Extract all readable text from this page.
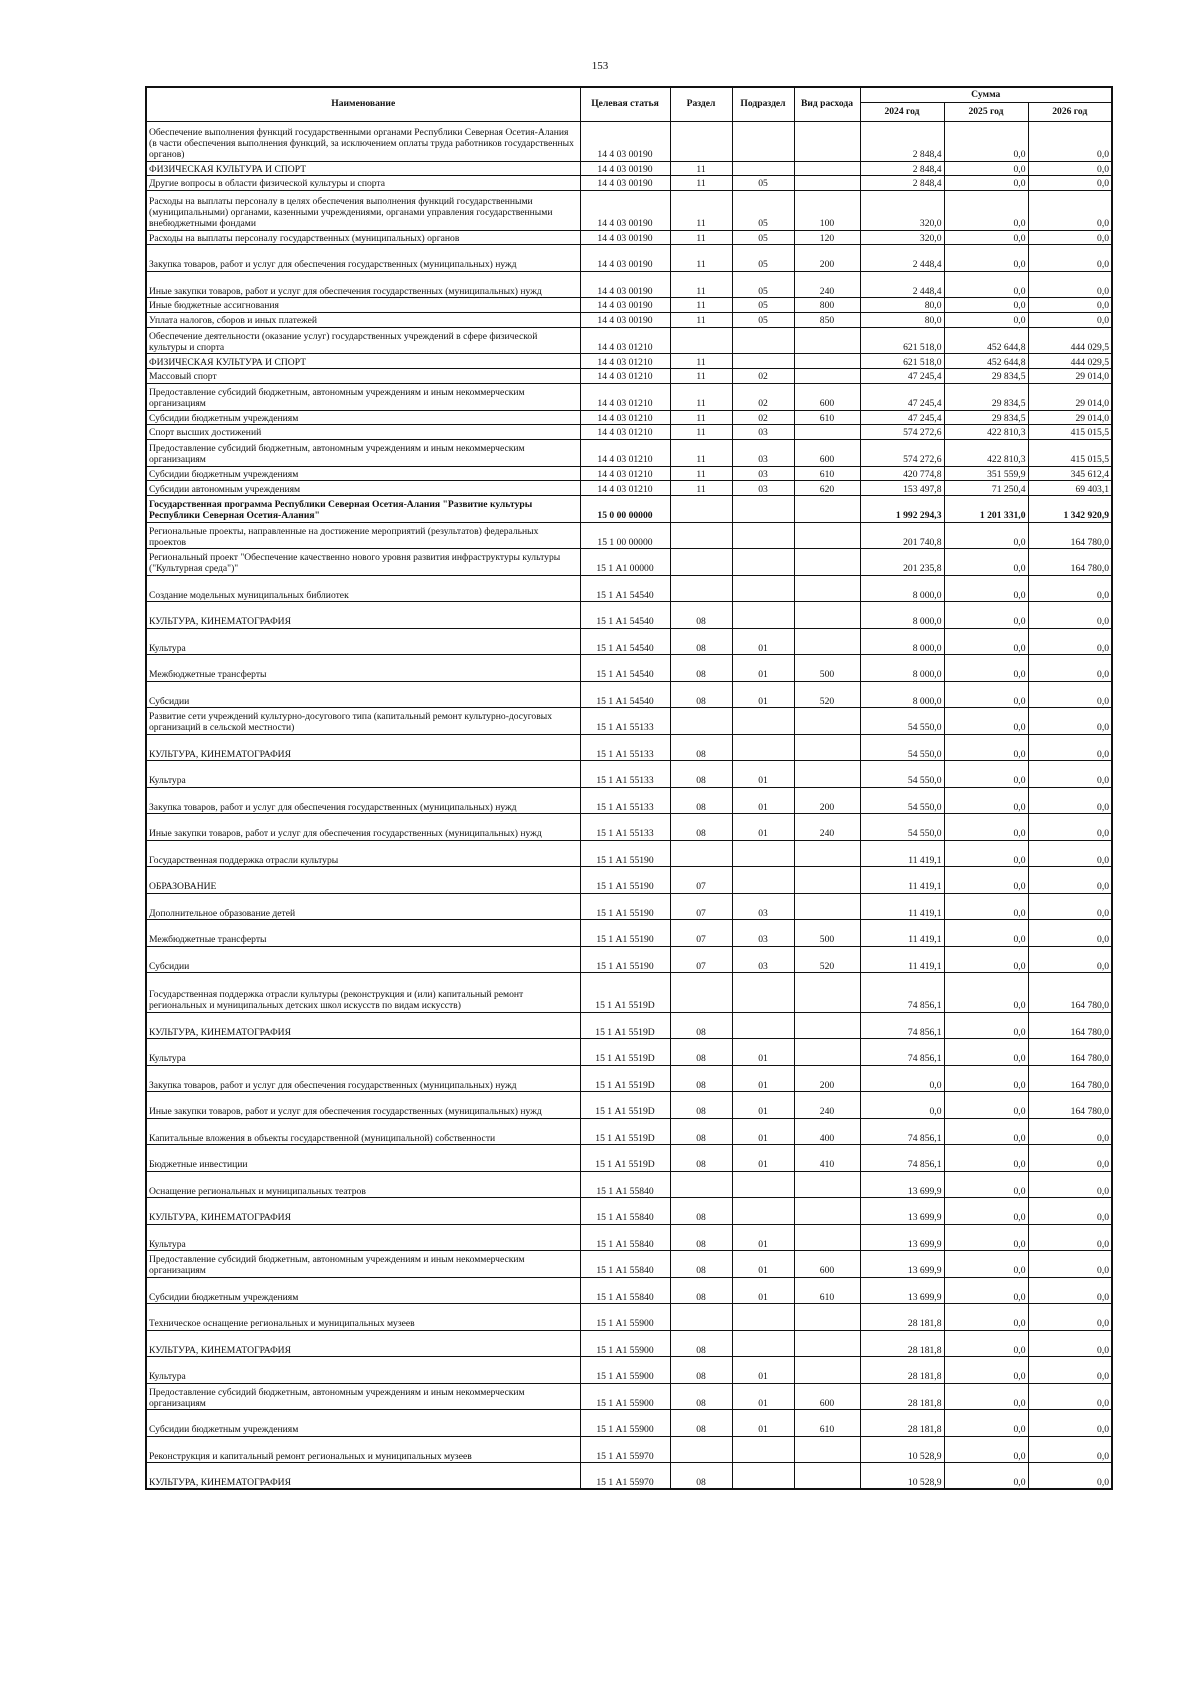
153
Наименование	Целевая статья	Раздел	Подраздел	Вид расхода	Сумма		
					2024 год	2025 год	2026 год
Обеспечение выполнения функций государственными органами Республики Северная Осетия-Алания (в части обеспечения выполнения функций, за исключением оплаты труда работников государственных органов)	14 4 03 00190				2 848,4	0,0	0,0
ФИЗИЧЕСКАЯ КУЛЬТУРА И СПОРТ	14 4 03 00190	11			2 848,4	0,0	0,0
Другие вопросы в области физической культуры и спорта	14 4 03 00190	11	05		2 848,4	0,0	0,0
Расходы на выплаты персоналу в целях обеспечения выполнения функций государственными (муниципальными) органами, казенными учреждениями, органами управления государственными внебюджетными фондами	14 4 03 00190	11	05	100	320,0	0,0	0,0
Расходы на выплаты персоналу государственных (муниципальных) органов	14 4 03 00190	11	05	120	320,0	0,0	0,0
Закупка товаров, работ и услуг для обеспечения государственных (муниципальных) нужд	14 4 03 00190	11	05	200	2 448,4	0,0	0,0
Иные закупки товаров, работ и услуг для обеспечения государственных (муниципальных) нужд	14 4 03 00190	11	05	240	2 448,4	0,0	0,0
Иные бюджетные ассигнования	14 4 03 00190	11	05	800	80,0	0,0	0,0
Уплата налогов, сборов и иных платежей	14 4 03 00190	11	05	850	80,0	0,0	0,0
Обеспечение деятельности (оказание услуг) государственных учреждений в сфере физической культуры и спорта	14 4 03 01210				621 518,0	452 644,8	444 029,5
ФИЗИЧЕСКАЯ КУЛЬТУРА И СПОРТ	14 4 03 01210	11			621 518,0	452 644,8	444 029,5
Массовый спорт	14 4 03 01210	11	02		47 245,4	29 834,5	29 014,0
Предоставление субсидий бюджетным, автономным учреждениям и иным некоммерческим организациям	14 4 03 01210	11	02	600	47 245,4	29 834,5	29 014,0
Субсидии бюджетным учреждениям	14 4 03 01210	11	02	610	47 245,4	29 834,5	29 014,0
Спорт высших достижений	14 4 03 01210	11	03		574 272,6	422 810,3	415 015,5
Предоставление субсидий бюджетным, автономным учреждениям и иным некоммерческим организациям	14 4 03 01210	11	03	600	574 272,6	422 810,3	415 015,5
Субсидии бюджетным учреждениям	14 4 03 01210	11	03	610	420 774,8	351 559,9	345 612,4
Субсидии автономным учреждениям	14 4 03 01210	11	03	620	153 497,8	71 250,4	69 403,1
Государственная программа Республики Северная Осетия-Алания "Развитие культуры Республики Северная Осетия-Алания"	15 0 00 00000				1 992 294,3	1 201 331,0	1 342 920,9
Региональные проекты, направленные на достижение мероприятий (результатов) федеральных проектов	15 1 00 00000				201 740,8	0,0	164 780,0
Региональный проект "Обеспечение качественно нового уровня развития инфраструктуры культуры ("Культурная среда")"	15 1 А1 00000				201 235,8	0,0	164 780,0
Создание модельных муниципальных библиотек	15 1 А1 54540				8 000,0	0,0	0,0
КУЛЬТУРА, КИНЕМАТОГРАФИЯ	15 1 А1 54540	08			8 000,0	0,0	0,0
Культура	15 1 А1 54540	08	01		8 000,0	0,0	0,0
Межбюджетные трансферты	15 1 А1 54540	08	01	500	8 000,0	0,0	0,0
Субсидии	15 1 А1 54540	08	01	520	8 000,0	0,0	0,0
Развитие сети учреждений культурно-досугового типа (капитальный ремонт культурно-досуговых организаций в сельской местности)	15 1 А1 55133				54 550,0	0,0	0,0
КУЛЬТУРА, КИНЕМАТОГРАФИЯ	15 1 А1 55133	08			54 550,0	0,0	0,0
Культура	15 1 А1 55133	08	01		54 550,0	0,0	0,0
Закупка товаров, работ и услуг для обеспечения государственных (муниципальных) нужд	15 1 А1 55133	08	01	200	54 550,0	0,0	0,0
Иные закупки товаров, работ и услуг для обеспечения государственных (муниципальных) нужд	15 1 А1 55133	08	01	240	54 550,0	0,0	0,0
Государственная поддержка отрасли культуры	15 1 А1 55190				11 419,1	0,0	0,0
ОБРАЗОВАНИЕ	15 1 А1 55190	07			11 419,1	0,0	0,0
Дополнительное образование детей	15 1 А1 55190	07	03		11 419,1	0,0	0,0
Межбюджетные трансферты	15 1 А1 55190	07	03	500	11 419,1	0,0	0,0
Субсидии	15 1 А1 55190	07	03	520	11 419,1	0,0	0,0
Государственная поддержка отрасли культуры (реконструкция и (или) капитальный ремонт региональных и муниципальных детских школ искусств по видам искусств)	15 1 А1 5519D				74 856,1	0,0	164 780,0
КУЛЬТУРА, КИНЕМАТОГРАФИЯ	15 1 А1 5519D	08			74 856,1	0,0	164 780,0
Культура	15 1 А1 5519D	08	01		74 856,1	0,0	164 780,0
Закупка товаров, работ и услуг для обеспечения государственных (муниципальных) нужд	15 1 А1 5519D	08	01	200	0,0	0,0	164 780,0
Иные закупки товаров, работ и услуг для обеспечения государственных (муниципальных) нужд	15 1 А1 5519D	08	01	240	0,0	0,0	164 780,0
Капитальные вложения в объекты государственной (муниципальной) собственности	15 1 А1 5519D	08	01	400	74 856,1	0,0	0,0
Бюджетные инвестиции	15 1 А1 5519D	08	01	410	74 856,1	0,0	0,0
Оснащение региональных и муниципальных театров	15 1 А1 55840				13 699,9	0,0	0,0
КУЛЬТУРА, КИНЕМАТОГРАФИЯ	15 1 А1 55840	08			13 699,9	0,0	0,0
Культура	15 1 А1 55840	08	01		13 699,9	0,0	0,0
Предоставление субсидий бюджетным, автономным учреждениям и иным некоммерческим организациям	15 1 А1 55840	08	01	600	13 699,9	0,0	0,0
Субсидии бюджетным учреждениям	15 1 А1 55840	08	01	610	13 699,9	0,0	0,0
Техническое оснащение региональных и муниципальных музеев	15 1 А1 55900				28 181,8	0,0	0,0
КУЛЬТУРА, КИНЕМАТОГРАФИЯ	15 1 А1 55900	08			28 181,8	0,0	0,0
Культура	15 1 А1 55900	08	01		28 181,8	0,0	0,0
Предоставление субсидий бюджетным, автономным учреждениям и иным некоммерческим организациям	15 1 А1 55900	08	01	600	28 181,8	0,0	0,0
Субсидии бюджетным учреждениям	15 1 А1 55900	08	01	610	28 181,8	0,0	0,0
Реконструкция и капитальный ремонт региональных и муниципальных музеев	15 1 А1 55970				10 528,9	0,0	0,0
КУЛЬТУРА, КИНЕМАТОГРАФИЯ	15 1 А1 55970	08			10 528,9	0,0	0,0
